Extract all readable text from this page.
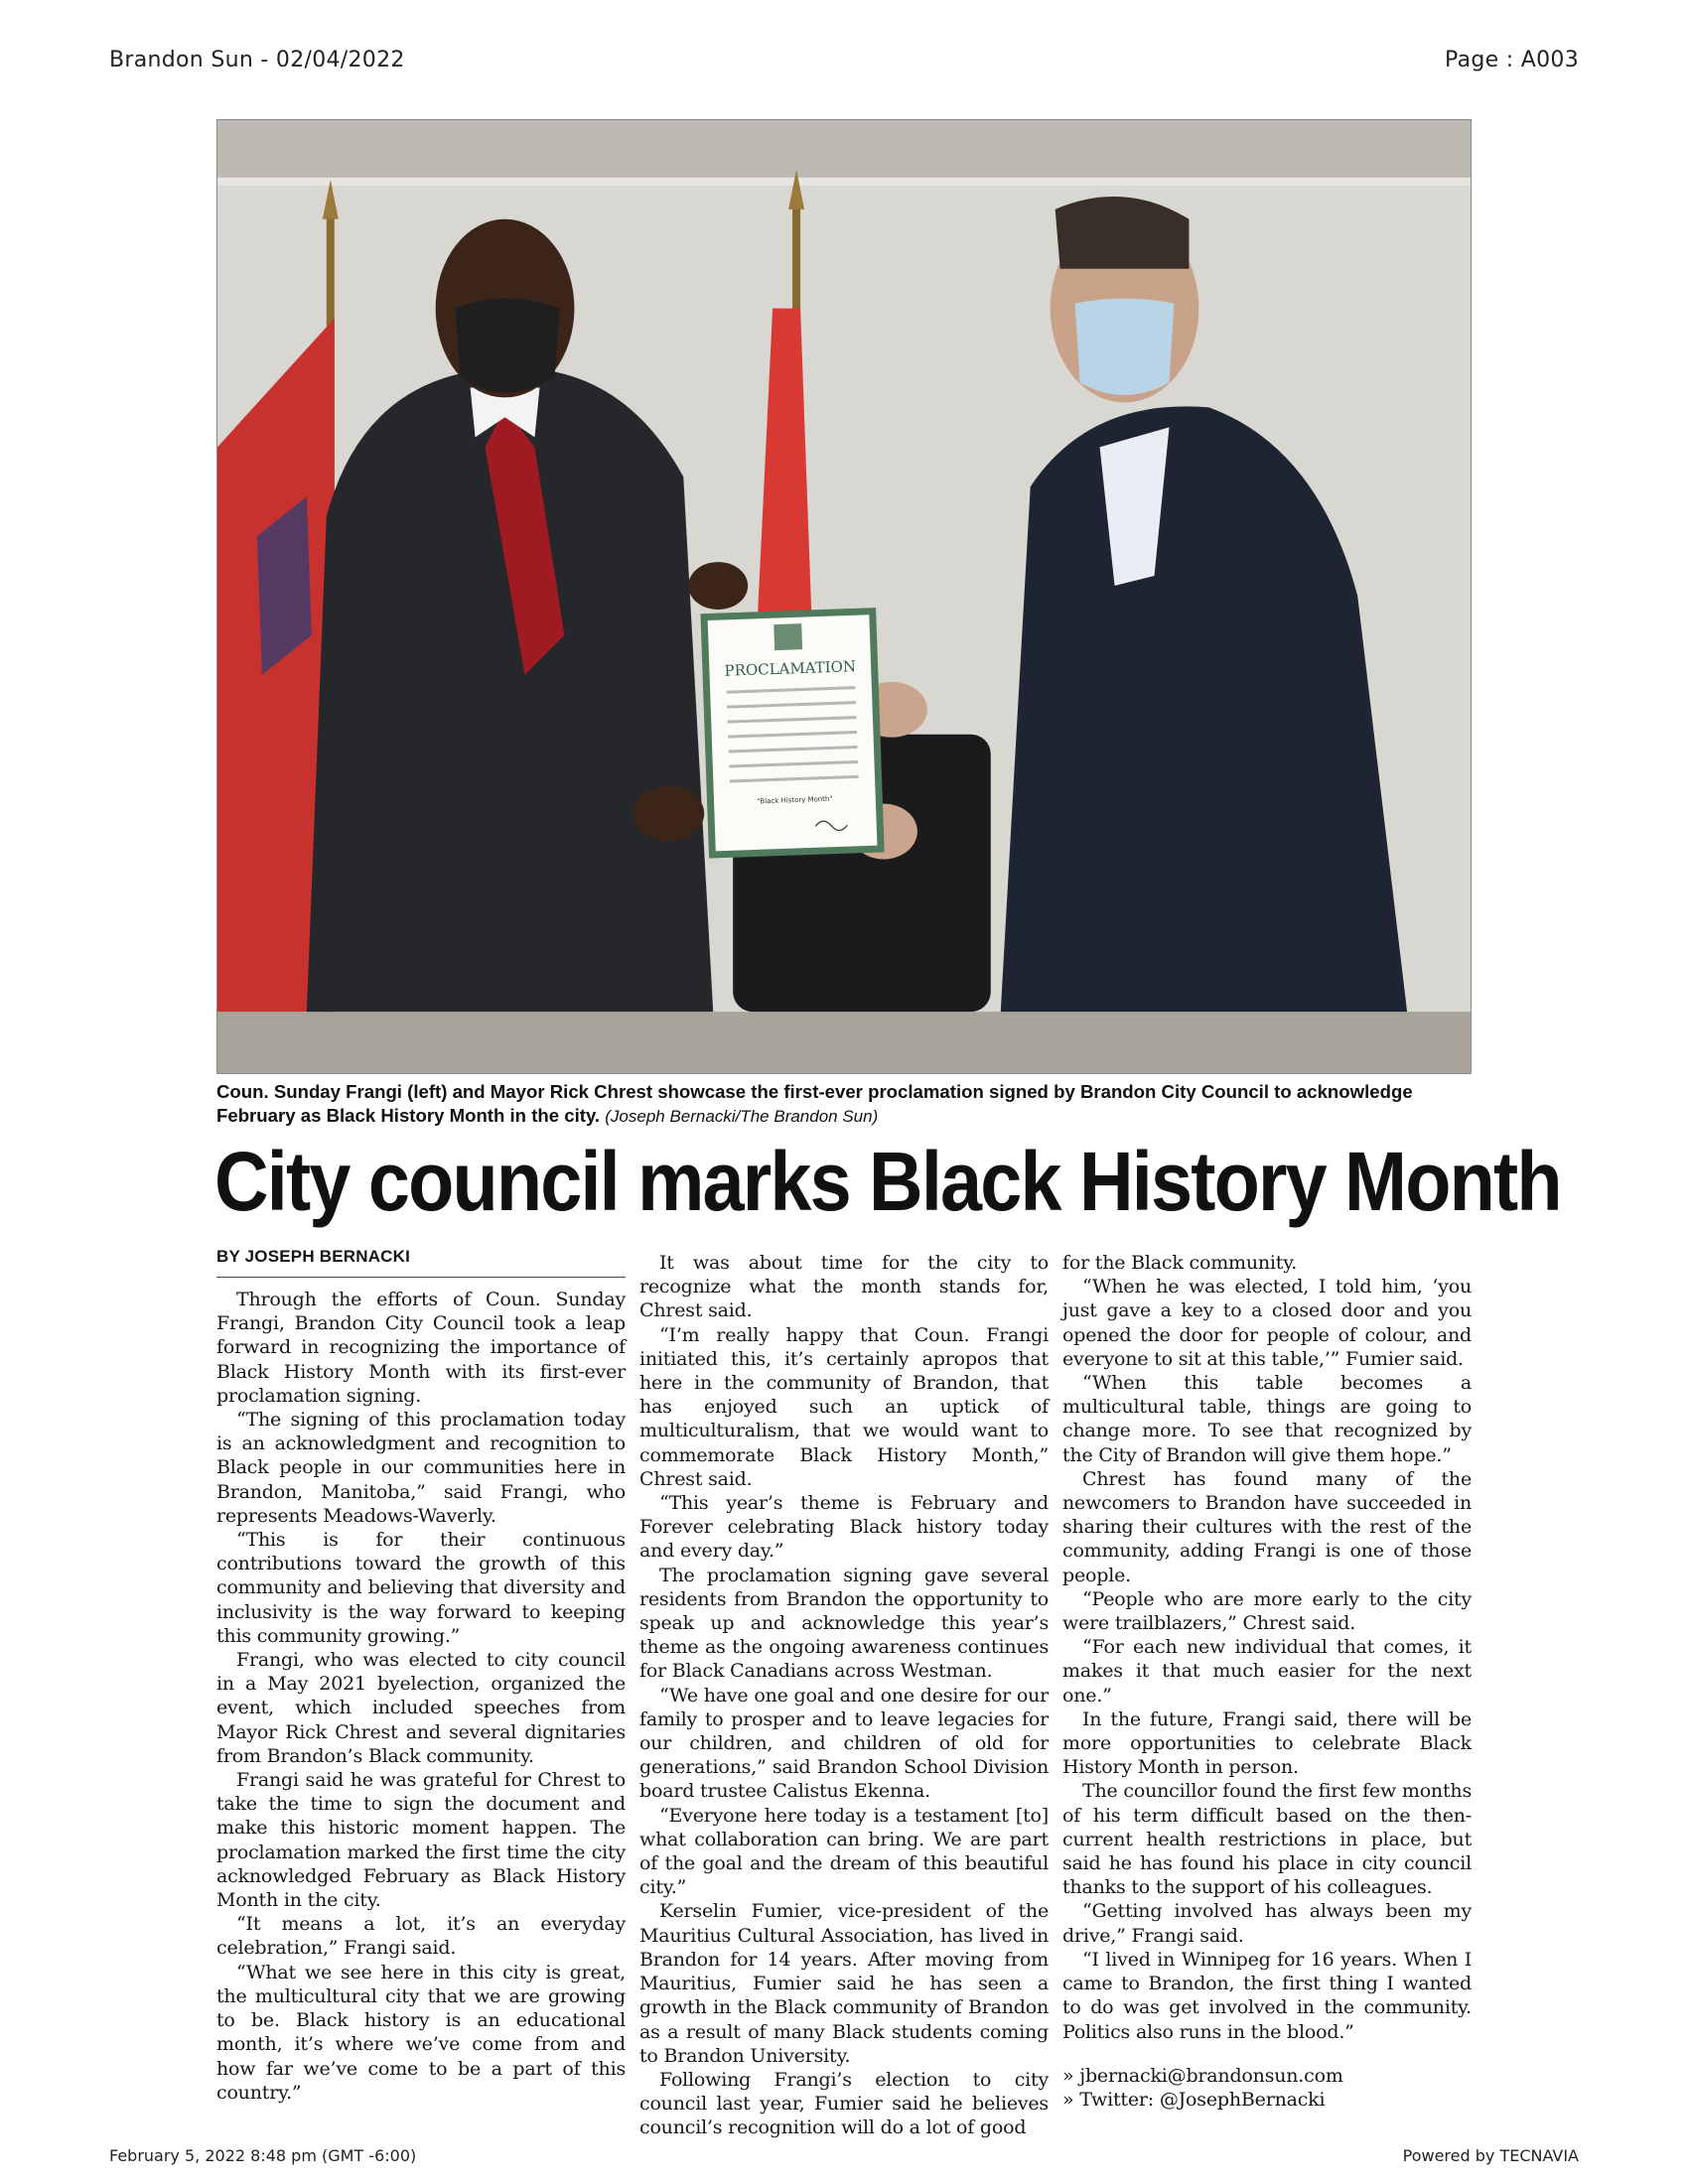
Brandon Sun - 02/04/2022	Page : A003
PROCLAMATION
"Black History Month"
Coun. Sunday Frangi (left) and Mayor Rick Chrest showcase the first-ever proclamation signed by Brandon City Council to acknowledge February as Black History Month in the city. (Joseph Bernacki/The Brandon Sun)
City council marks Black History Month
BY JOSEPH BERNACKI

Through the efforts of Coun. Sunday Frangi, Brandon City Council took a leap forward in recognizing the importance of Black History Month with its first-ever proclamation signing.

“The signing of this proclamation today is an acknowledgment and recognition to Black people in our communities here in Brandon, Manitoba,” said Frangi, who represents Meadows-Waverly.

“This is for their continuous contributions toward the growth of this community and believing that diversity and inclusivity is the way forward to keeping this community growing.”

Frangi, who was elected to city council in a May 2021 byelection, organized the event, which included speeches from Mayor Rick Chrest and several dignitaries from Brandon’s Black community.

Frangi said he was grateful for Chrest to take the time to sign the document and make this historic moment happen. The proclamation marked the first time the city acknowledged February as Black History Month in the city.

“It means a lot, it’s an everyday celebration,” Frangi said.

“What we see here in this city is great, the multicultural city that we are growing to be. Black history is an educational month, it’s where we’ve come from and how far we’ve come to be a part of this country.”

It was about time for the city to recognize what the month stands for, Chrest said.

“I’m really happy that Coun. Frangi initiated this, it’s certainly apropos that here in the community of Brandon, that has enjoyed such an uptick of multiculturalism, that we would want to commemorate Black History Month,” Chrest said.

“This year’s theme is February and Forever celebrating Black history today and every day.”

The proclamation signing gave several residents from Brandon the opportunity to speak up and acknowledge this year’s theme as the ongoing awareness continues for Black Canadians across Westman.

“We have one goal and one desire for our family to prosper and to leave legacies for our children, and children of old for generations,” said Brandon School Division board trustee Calistus Ekenna.

“Everyone here today is a testament [to] what collaboration can bring. We are part of the goal and the dream of this beautiful city.”

Kerselin Fumier, vice-president of the Mauritius Cultural Association, has lived in Brandon for 14 years. After moving from Mauritius, Fumier said he has seen a growth in the Black community of Brandon as a result of many Black students coming to Brandon University.

Following Frangi’s election to city council last year, Fumier said he believes council’s recognition will do a lot of good

for the Black community.

“When he was elected, I told him, ‘you just gave a key to a closed door and you opened the door for people of colour, and everyone to sit at this table,’” Fumier said.

“When this table becomes a multicultural table, things are going to change more. To see that recognized by the City of Brandon will give them hope.”

Chrest has found many of the newcomers to Brandon have succeeded in sharing their cultures with the rest of the community, adding Frangi is one of those people.

“People who are more early to the city were trailblazers,” Chrest said.

“For each new individual that comes, it makes it that much easier for the next one.”

In the future, Frangi said, there will be more opportunities to celebrate Black History Month in person.

The councillor found the first few months of his term difficult based on the then-current health restrictions in place, but said he has found his place in city council thanks to the support of his colleagues.

“Getting involved has always been my drive,” Frangi said.

“I lived in Winnipeg for 16 years. When I came to Brandon, the first thing I wanted to do was get involved in the community. Politics also runs in the blood.”

» jbernacki@brandonsun.com
» Twitter: @JosephBernacki
February 5, 2022 8:48 pm (GMT -6:00)	Powered by TECNAVIA
